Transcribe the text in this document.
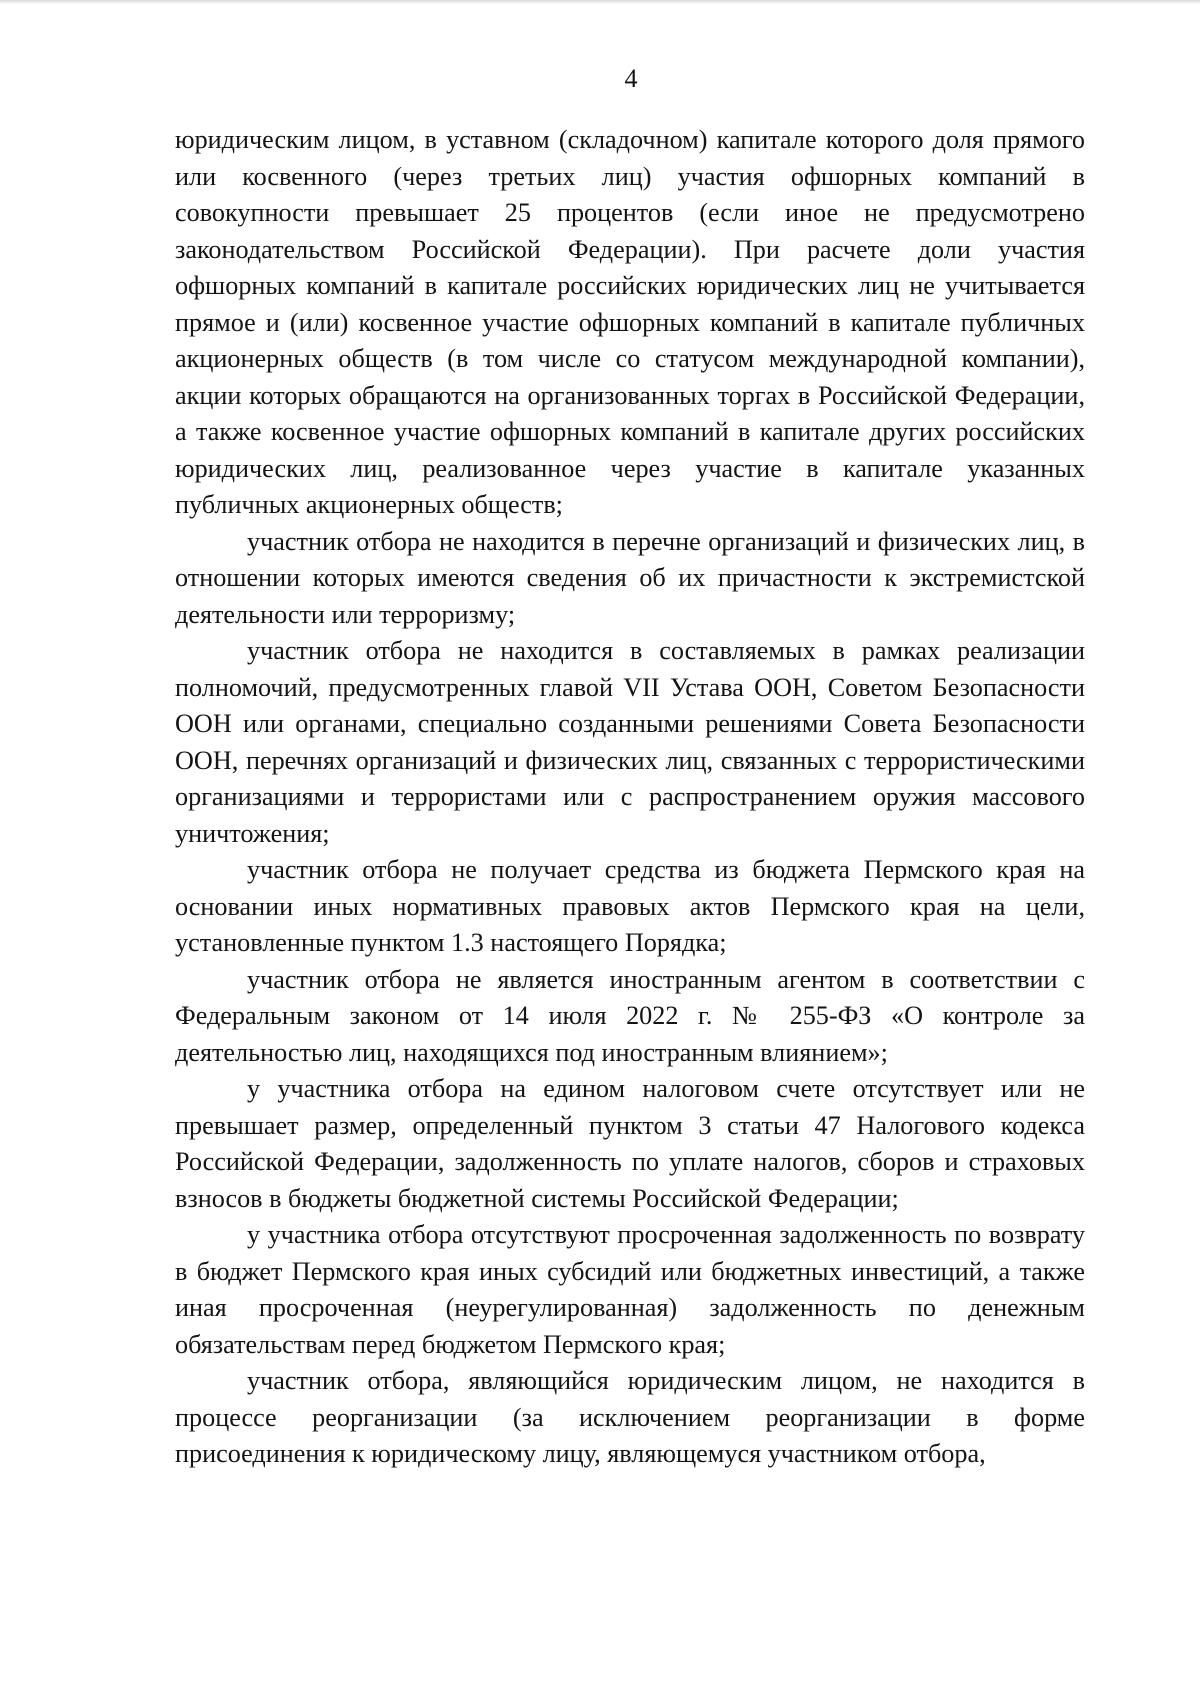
4

юридическим лицом, в уставном (складочном) капитале которого доля прямого или косвенного (через третьих лиц) участия офшорных компаний в совокупности превышает 25 процентов (если иное не предусмотрено законодательством Российской Федерации). При расчете доли участия офшорных компаний в капитале российских юридических лиц не учитывается прямое и (или) косвенное участие офшорных компаний в капитале публичных акционерных обществ (в том числе со статусом международной компании), акции которых обращаются на организованных торгах в Российской Федерации, а также косвенное участие офшорных компаний в капитале других российских юридических лиц, реализованное через участие в капитале указанных публичных акционерных обществ;

участник отбора не находится в перечне организаций и физических лиц, в отношении которых имеются сведения об их причастности к экстремистской деятельности или терроризму;

участник отбора не находится в составляемых в рамках реализации полномочий, предусмотренных главой VII Устава ООН, Советом Безопасности ООН или органами, специально созданными решениями Совета Безопасности ООН, перечнях организаций и физических лиц, связанных с террористическими организациями и террористами или с распространением оружия массового уничтожения;

участник отбора не получает средства из бюджета Пермского края на основании иных нормативных правовых актов Пермского края на цели, установленные пунктом 1.3 настоящего Порядка;

участник отбора не является иностранным агентом в соответствии с Федеральным законом от 14 июля 2022 г. № 255-ФЗ «О контроле за деятельностью лиц, находящихся под иностранным влиянием»;

у участника отбора на едином налоговом счете отсутствует или не превышает размер, определенный пунктом 3 статьи 47 Налогового кодекса Российской Федерации, задолженность по уплате налогов, сборов и страховых взносов в бюджеты бюджетной системы Российской Федерации;

у участника отбора отсутствуют просроченная задолженность по возврату в бюджет Пермского края иных субсидий или бюджетных инвестиций, а также иная просроченная (неурегулированная) задолженность по денежным обязательствам перед бюджетом Пермского края;

участник отбора, являющийся юридическим лицом, не находится в процессе реорганизации (за исключением реорганизации в форме присоединения к юридическому лицу, являющемуся участником отбора,
